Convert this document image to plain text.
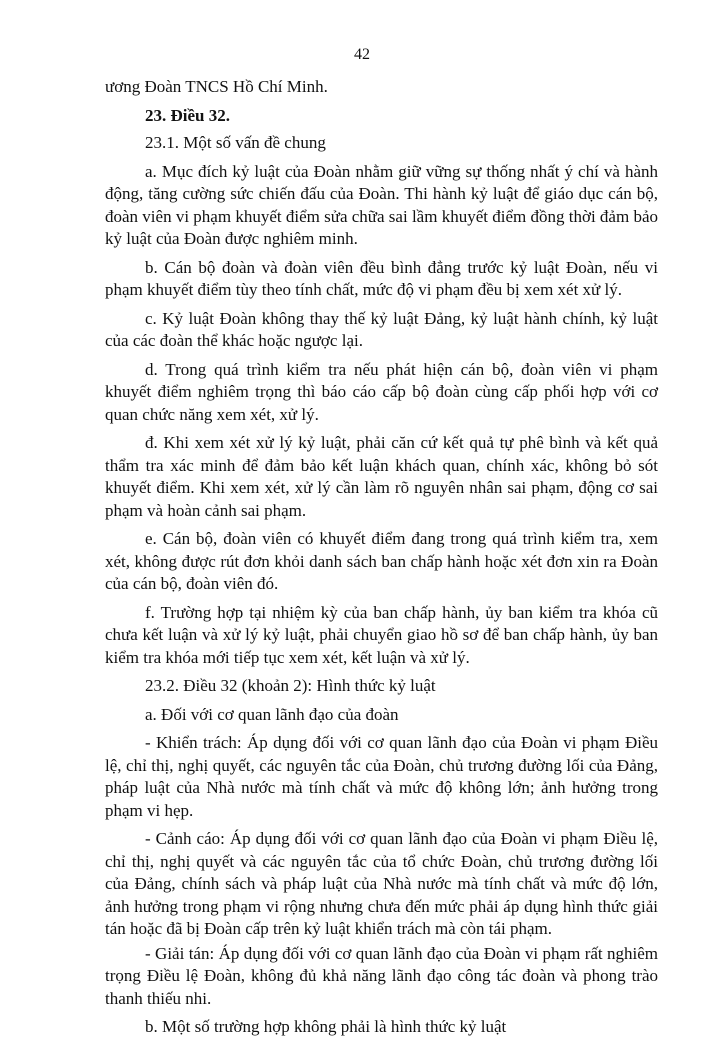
42

ương Đoàn TNCS Hồ Chí Minh.

23. Điều 32.

23.1. Một số vấn đề chung

a. Mục đích kỷ luật của Đoàn nhằm giữ vững sự thống nhất ý chí và hành động, tăng cường sức chiến đấu của Đoàn. Thi hành kỷ luật để giáo dục cán bộ, đoàn viên vi phạm khuyết điểm sửa chữa sai lầm khuyết điểm đồng thời đảm bảo kỷ luật của Đoàn được nghiêm minh.

b. Cán bộ đoàn và đoàn viên đều bình đẳng trước kỷ luật Đoàn, nếu vi phạm khuyết điểm tùy theo tính chất, mức độ vi phạm đều bị xem xét xử lý.

c. Kỷ luật Đoàn không thay thế kỷ luật Đảng, kỷ luật hành chính, kỷ luật của các đoàn thể khác hoặc ngược lại.

d. Trong quá trình kiểm tra nếu phát hiện cán bộ, đoàn viên vi phạm khuyết điểm nghiêm trọng thì báo cáo cấp bộ đoàn cùng cấp phối hợp với cơ quan chức năng xem xét, xử lý.

đ. Khi xem xét xử lý kỷ luật, phải căn cứ kết quả tự phê bình và kết quả thẩm tra xác minh để đảm bảo kết luận khách quan, chính xác, không bỏ sót khuyết điểm. Khi xem xét, xử lý cần làm rõ nguyên nhân sai phạm, động cơ sai phạm và hoàn cảnh sai phạm.

e. Cán bộ, đoàn viên có khuyết điểm đang trong quá trình kiểm tra, xem xét, không được rút đơn khỏi danh sách ban chấp hành hoặc xét đơn xin ra Đoàn của cán bộ, đoàn viên đó.

f. Trường hợp tại nhiệm kỳ của ban chấp hành, ủy ban kiểm tra khóa cũ chưa kết luận và xử lý kỷ luật, phải chuyển giao hồ sơ để ban chấp hành, ủy ban kiểm tra khóa mới tiếp tục xem xét, kết luận và xử lý.

23.2. Điều 32 (khoản 2): Hình thức kỷ luật

a. Đối với cơ quan lãnh đạo của đoàn

- Khiển trách: Áp dụng đối với cơ quan lãnh đạo của Đoàn vi phạm Điều lệ, chỉ thị, nghị quyết, các nguyên tắc của Đoàn, chủ trương đường lối của Đảng, pháp luật của Nhà nước mà tính chất và mức độ không lớn; ảnh hưởng trong phạm vi hẹp.

- Cảnh cáo: Áp dụng đối với cơ quan lãnh đạo của Đoàn vi phạm Điều lệ, chỉ thị, nghị quyết và các nguyên tắc của tổ chức Đoàn, chủ trương đường lối của Đảng, chính sách và pháp luật của Nhà nước mà tính chất và mức độ lớn, ảnh hưởng trong phạm vi rộng nhưng chưa đến mức phải áp dụng hình thức giải tán hoặc đã bị Đoàn cấp trên kỷ luật khiển trách mà còn tái phạm.

- Giải tán: Áp dụng đối với cơ quan lãnh đạo của Đoàn vi phạm rất nghiêm trọng Điều lệ Đoàn, không đủ khả năng lãnh đạo công tác đoàn và phong trào thanh thiếu nhi.

b. Một số trường hợp không phải là hình thức kỷ luật
